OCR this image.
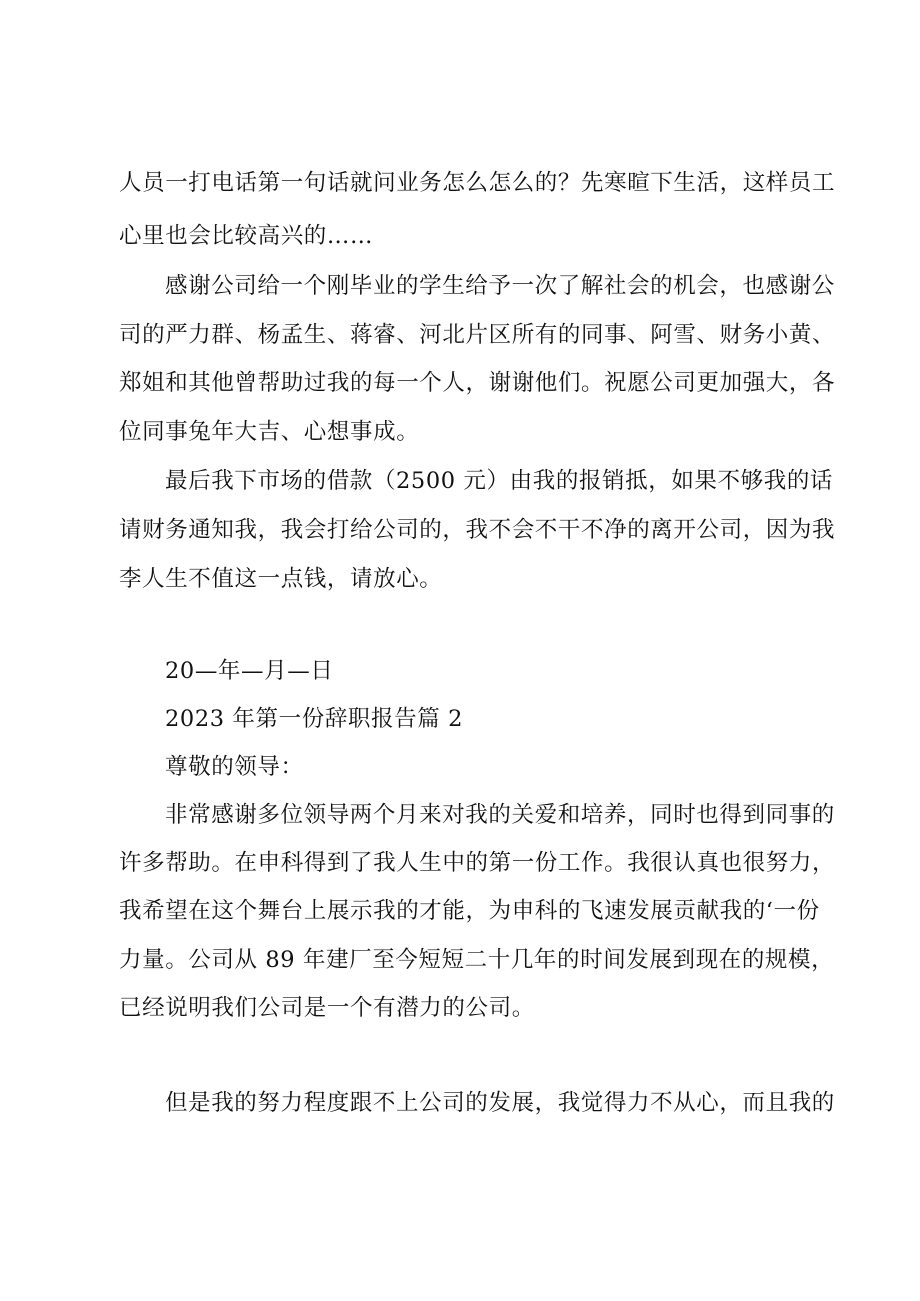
人员一打电话第一句话就问业务怎么怎么的？先寒暄下生活，这样员工
心里也会比较高兴的……
感谢公司给一个刚毕业的学生给予一次了解社会的机会，也感谢公
司的严力群、杨孟生、蒋睿、河北片区所有的同事、阿雪、财务小黄、
郑姐和其他曾帮助过我的每一个人，谢谢他们。祝愿公司更加强大，各
位同事兔年大吉、心想事成。
最后我下市场的借款（2500 元）由我的报销抵，如果不够我的话
请财务通知我，我会打给公司的，我不会不干不净的离开公司，因为我
李人生不值这一点钱，请放心。
20—年—月—日
2023 年第一份辞职报告篇 2
尊敬的领导：
非常感谢多位领导两个月来对我的关爱和培养，同时也得到同事的
许多帮助。在申科得到了我人生中的第一份工作。我很认真也很努力，
我希望在这个舞台上展示我的才能，为申科的飞速发展贡献我的‘一份
力量。公司从 89 年建厂至今短短二十几年的时间发展到现在的规模，
已经说明我们公司是一个有潜力的公司。
但是我的努力程度跟不上公司的发展，我觉得力不从心，而且我的
